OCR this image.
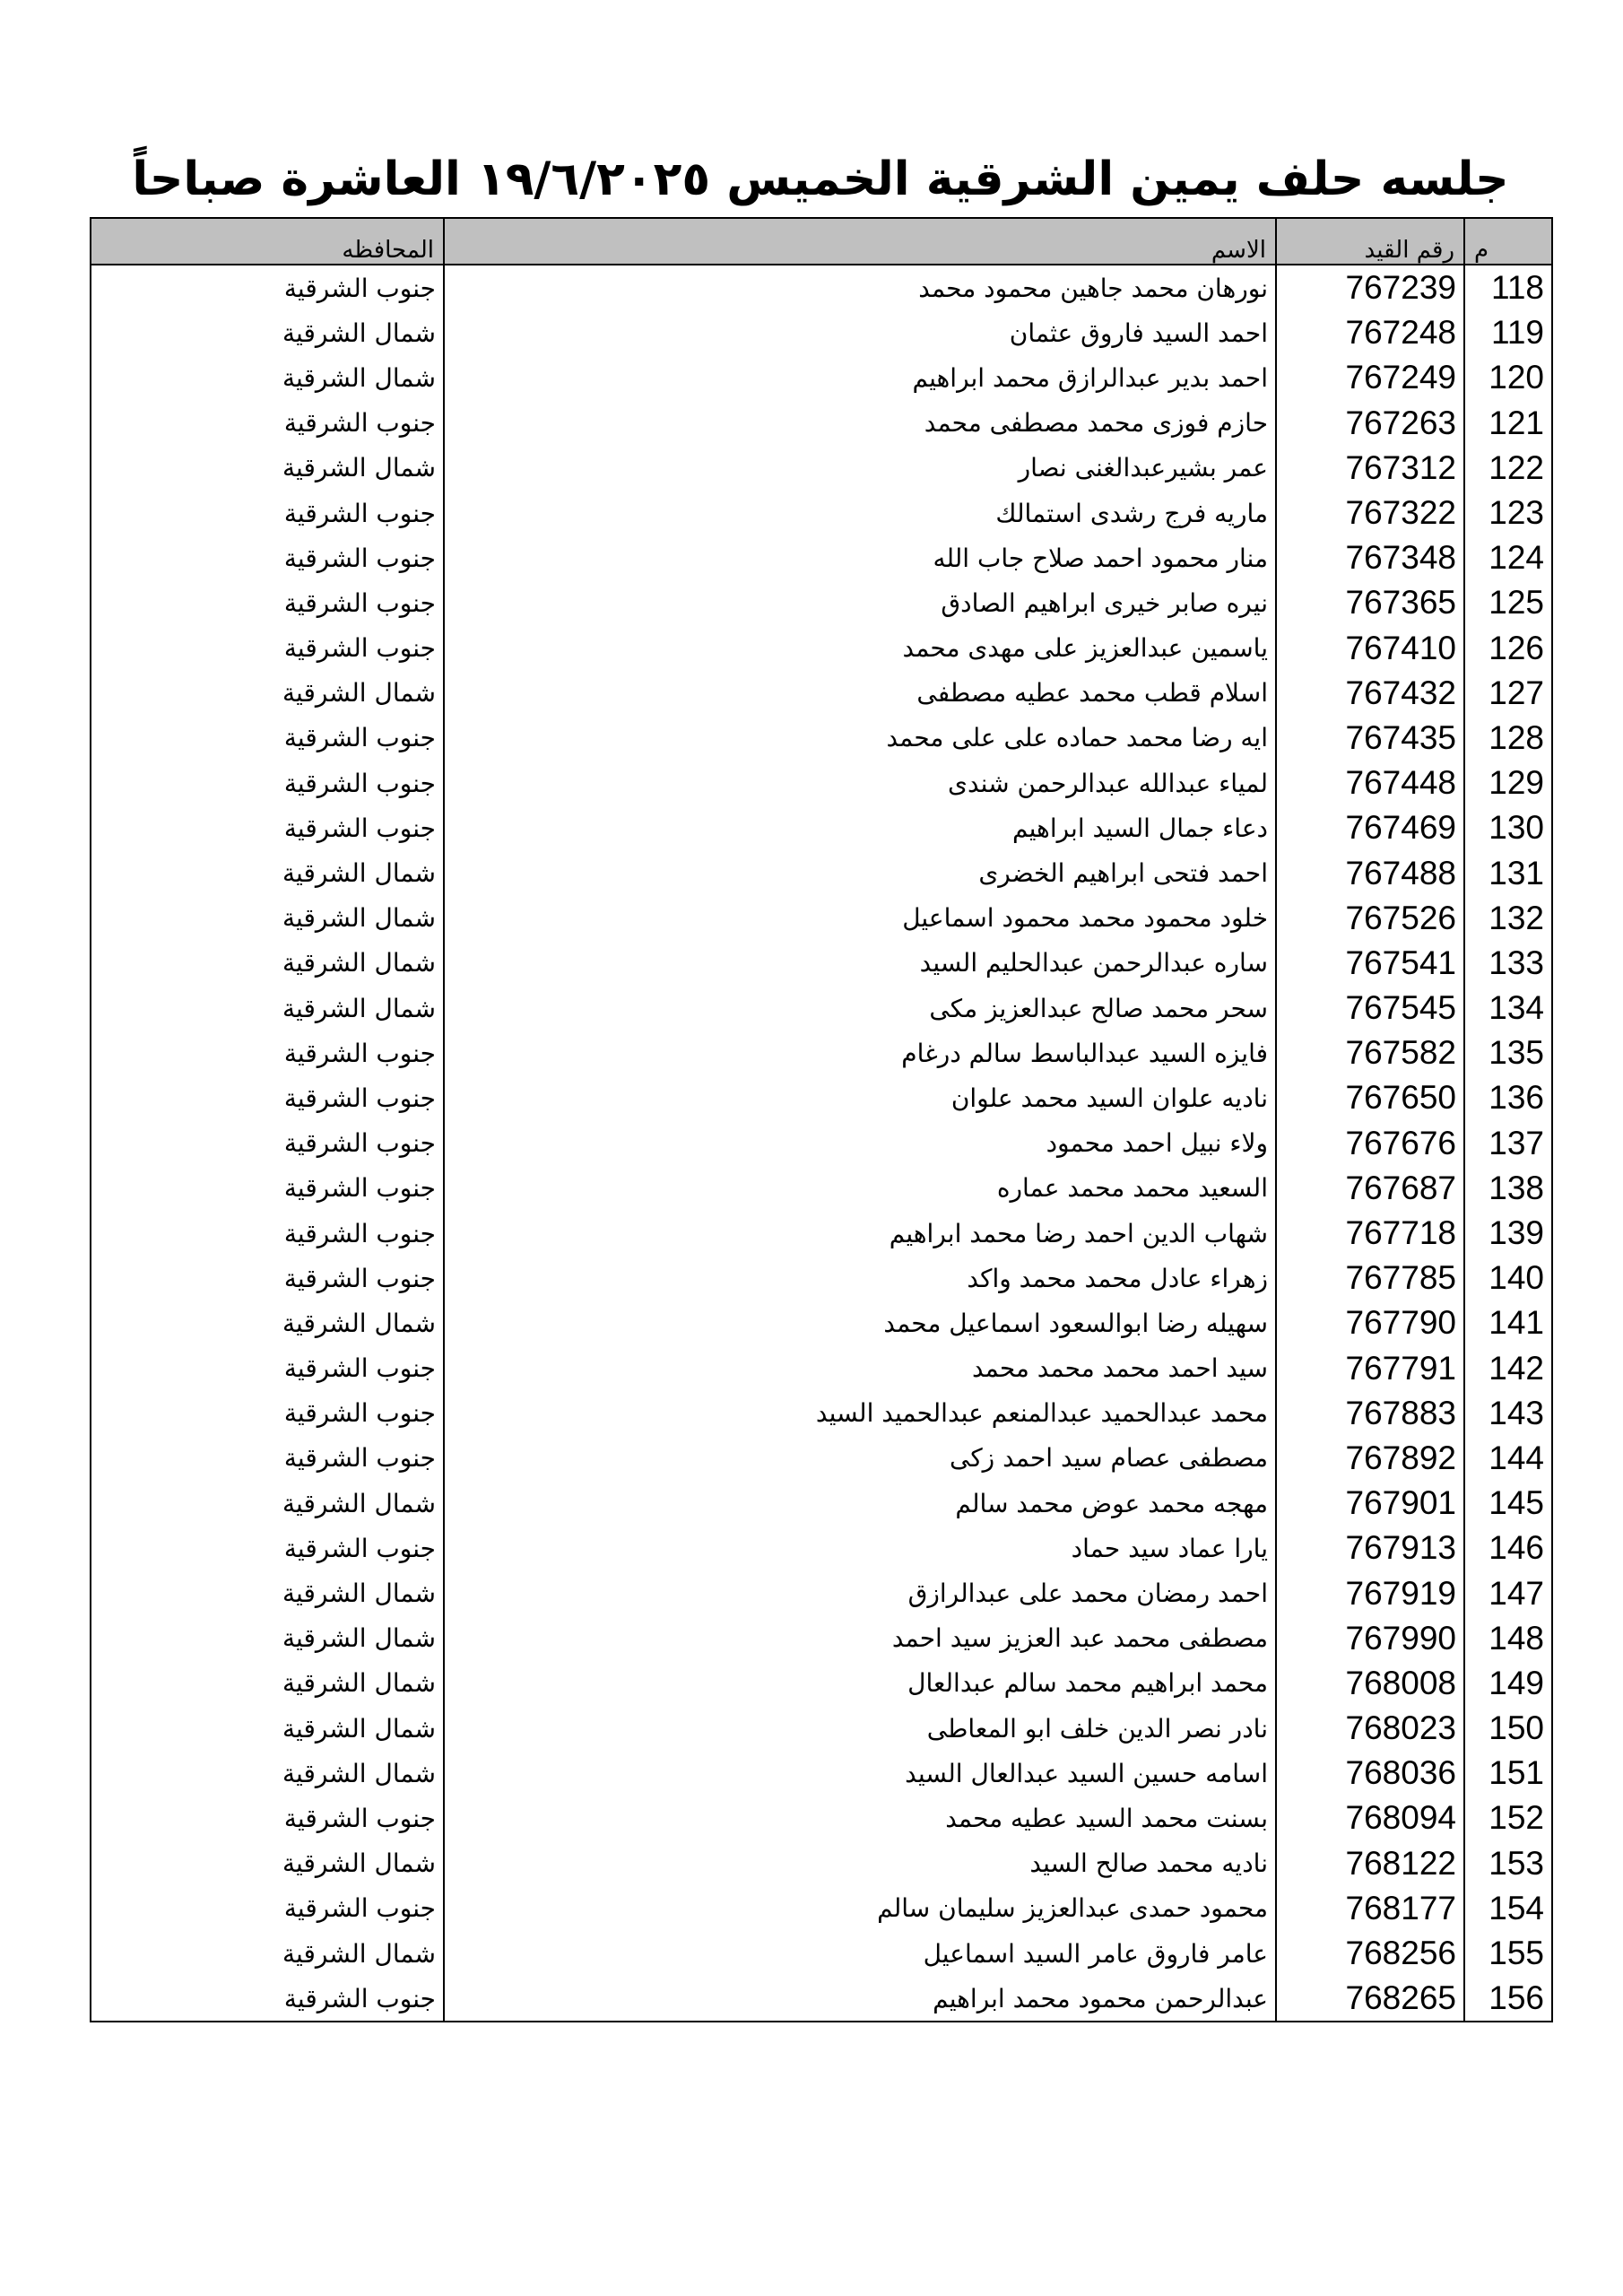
جلسه حلف يمين الشرقية الخميس ١٩/٦/٢٠٢٥ العاشرة صباحاً
م	رقم القيد	الاسم	المحافظه
118	767239	نورهان محمد جاهين محمود محمد	جنوب الشرقية
119	767248	احمد السيد فاروق عثمان	شمال الشرقية
120	767249	احمد بدير عبدالرازق محمد ابراهيم	شمال الشرقية
121	767263	حازم فوزى محمد مصطفى محمد	جنوب الشرقية
122	767312	عمر بشيرعبدالغنى نصار	شمال الشرقية
123	767322	ماريه فرج رشدى استمالك	جنوب الشرقية
124	767348	منار محمود احمد صلاح جاب الله	جنوب الشرقية
125	767365	نيره صابر خيرى ابراهيم الصادق	جنوب الشرقية
126	767410	ياسمين عبدالعزيز على مهدى محمد	جنوب الشرقية
127	767432	اسلام قطب محمد عطيه مصطفى	شمال الشرقية
128	767435	ايه رضا محمد حماده على على محمد	جنوب الشرقية
129	767448	لمياء عبدالله عبدالرحمن شندى	جنوب الشرقية
130	767469	دعاء جمال السيد ابراهيم	جنوب الشرقية
131	767488	احمد فتحى ابراهيم الخضرى	شمال الشرقية
132	767526	خلود محمود محمد محمود اسماعيل	شمال الشرقية
133	767541	ساره عبدالرحمن عبدالحليم السيد	شمال الشرقية
134	767545	سحر محمد صالح عبدالعزيز مكى	شمال الشرقية
135	767582	فايزه السيد عبدالباسط سالم درغام	جنوب الشرقية
136	767650	ناديه علوان السيد محمد علوان	جنوب الشرقية
137	767676	ولاء نبيل احمد محمود	جنوب الشرقية
138	767687	السعيد محمد محمد عماره	جنوب الشرقية
139	767718	شهاب الدين احمد رضا محمد ابراهيم	جنوب الشرقية
140	767785	زهراء عادل محمد محمد واكد	جنوب الشرقية
141	767790	سهيله رضا ابوالسعود اسماعيل محمد	شمال الشرقية
142	767791	سيد احمد محمد محمد محمد	جنوب الشرقية
143	767883	محمد عبدالحميد عبدالمنعم عبدالحميد السيد	جنوب الشرقية
144	767892	مصطفى عصام سيد احمد زكى	جنوب الشرقية
145	767901	مهجه محمد عوض محمد سالم	شمال الشرقية
146	767913	يارا عماد سيد حماد	جنوب الشرقية
147	767919	احمد رمضان محمد على عبدالرازق	شمال الشرقية
148	767990	مصطفى محمد عبد العزيز سيد احمد	شمال الشرقية
149	768008	محمد ابراهيم محمد سالم عبدالعال	شمال الشرقية
150	768023	نادر نصر الدين خلف ابو المعاطى	شمال الشرقية
151	768036	اسامه حسين السيد عبدالعال السيد	شمال الشرقية
152	768094	بسنت محمد السيد عطيه محمد	جنوب الشرقية
153	768122	ناديه محمد صالح السيد	شمال الشرقية
154	768177	محمود حمدى عبدالعزيز سليمان سالم	جنوب الشرقية
155	768256	عامر فاروق عامر السيد اسماعيل	شمال الشرقية
156	768265	عبدالرحمن محمود محمد ابراهيم	جنوب الشرقية
